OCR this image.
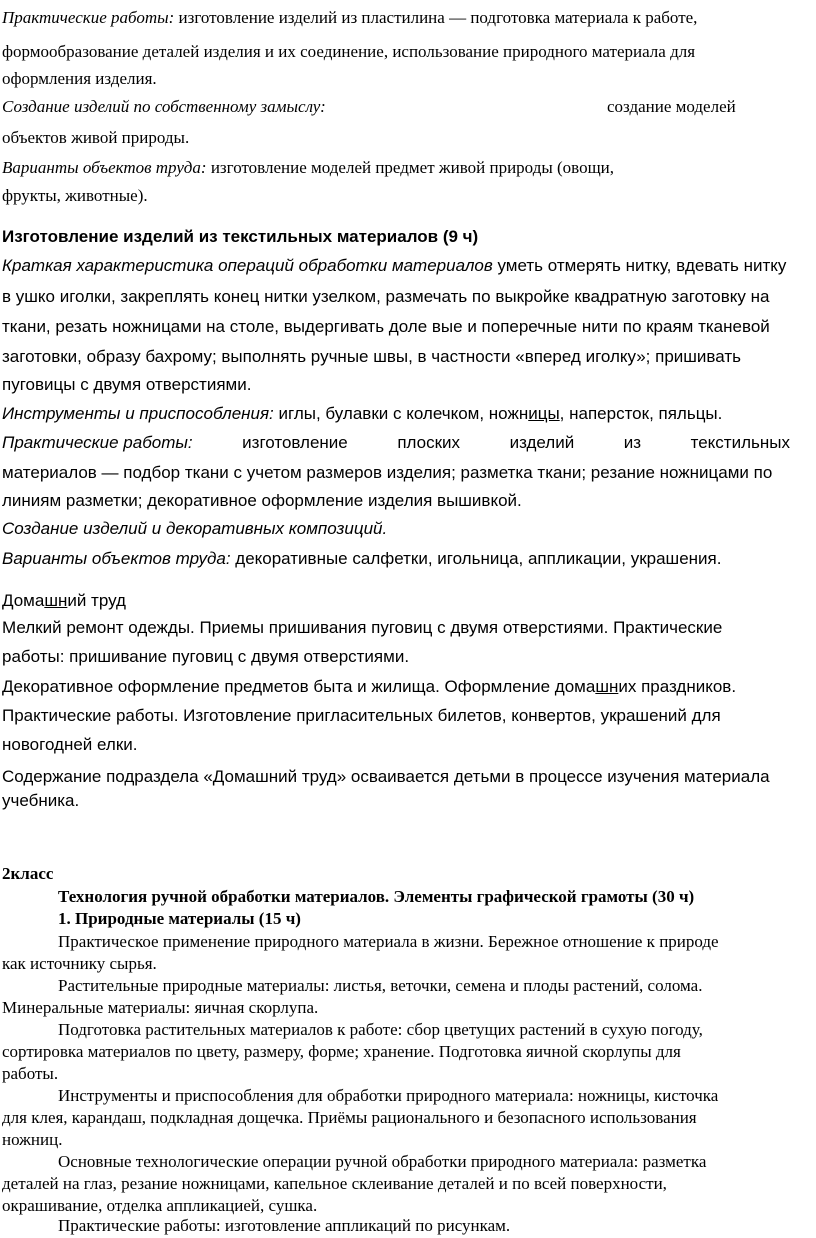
Практические работы: изготовление изделий из пластилина — подготовка материала к работе,
формообразование деталей изделия и их соединение, использование природного материала для
оформления изделия.
Создание изделий по собственному замыслу:	создание моделей
объектов живой природы.
Варианты объектов труда: изготовление моделей предмет живой природы (овощи,
фрукты, животные).
Изготовление изделий из текстильных материалов (9 ч)
Краткая характеристика операций обработки материалов уметь отмерять нитку, вдевать нитку
в ушко иголки, закреплять конец нитки узелком, размечать по выкройке квадратную заготовку на
ткани, резать ножницами на столе, выдергивать доле вые и поперечные нити по краям тканевой
заготовки, образу бахрому; выполнять ручные швы, в частности «вперед иголку»; пришивать
пуговицы с двумя отверстиями.
Инструменты и приспособления: иглы, булавки с колечком, ножницы, наперсток, пяльцы.
Практические работы:	изготовление	плоских	изделий	из	текстильных
материалов — подбор ткани с учетом размеров изделия; разметка ткани; резание ножницами по
линиям разметки; декоративное оформление изделия вышивкой.
Создание изделий и декоративных композиций.
Варианты объектов труда: декоративные салфетки, игольница, аппликации, украшения.
Домашний труд
Мелкий ремонт одежды. Приемы пришивания пуговиц с двумя отверстиями. Практические
работы: пришивание пуговиц с двумя отверстиями.
Декоративное оформление предметов быта и жилища. Оформление домашних праздников.
Практические работы. Изготовление пригласительных билетов, конвертов, украшений для
новогодней елки.
Содержание подраздела «Домашний труд» осваивается детьми в процессе изучения материала
учебника.
2класс
Технология ручной обработки материалов. Элементы графической грамоты (30 ч)
1. Природные материалы (15 ч)
Практическое применение природного материала в жизни. Бережное отношение к природе
как источнику сырья.
Растительные природные материалы: листья, веточки, семена и плоды растений, солома.
Минеральные материалы: яичная скорлупа.
Подготовка растительных материалов к работе: сбор цветущих растений в сухую погоду,
сортировка материалов по цвету, размеру, форме; хранение. Подготовка яичной скорлупы для
работы.
Инструменты и приспособления для обработки природного материала: ножницы, кисточка
для клея, карандаш, подкладная дощечка. Приёмы рационального и безопасного использования
ножниц.
Основные технологические операции ручной обработки природного материала: разметка
деталей на глаз, резание ножницами, капельное склеивание деталей и по всей поверхности,
окрашивание, отделка аппликацией, сушка.
Практические работы: изготовление аппликаций по рисункам.
